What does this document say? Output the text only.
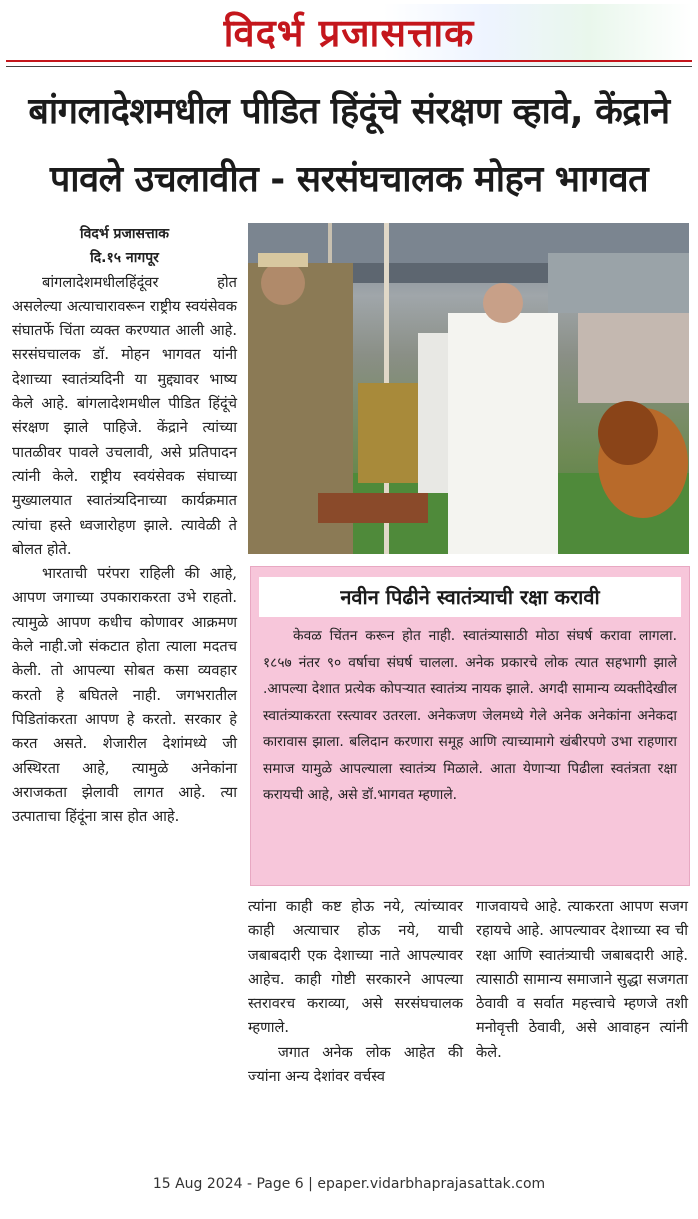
विदर्भ प्रजासत्ताक
बांगलादेशमधील पीडित हिंदूंचे संरक्षण व्हावे, केंद्राने पावले उचलावीत - सरसंघचालक मोहन भागवत
विदर्भ प्रजासत्ताक
दि.१५ नागपूर

बांगलादेशमधीलहिंदूंवर होत असलेल्या अत्याचारावरून राष्ट्रीय स्वयंसेवक संघातर्फे चिंता व्यक्त करण्यात आली आहे. सरसंघचालक डॉ. मोहन भागवत यांनी देशाच्या स्वातंत्र्यदिनी या मुद्द्यावर भाष्य केले आहे. बांगलादेशमधील पीडित हिंदूंचे संरक्षण झाले पाहिजे. केंद्राने त्यांच्या पातळीवर पावले उचलावी, असे प्रतिपादन त्यांनी केले. राष्ट्रीय स्वयंसेवक संघाच्या मुख्यालयात स्वातंत्र्यदिनाच्या कार्यक्रमात त्यांचा हस्ते ध्वजारोहण झाले. त्यावेळी ते बोलत होते.

भारताची परंपरा राहिली की आहे, आपण जगाच्या उपकाराकरता उभे राहतो. त्यामुळे आपण कधीच कोणावर आक्रमण केले नाही.जो संकटात होता त्याला मदतच केली. तो आपल्या सोबत कसा व्यवहार करतो हे बघितले नाही. जगभरातील पिडितांकरता आपण हे करतो. सरकार हे करत असते. शेजारील देशांमध्ये जी अस्थिरता आहे, त्यामुळे अनेकांना अराजकता झेलावी लागत आहे. त्या उत्पाताचा हिंदूंना त्रास होत आहे.

नवीन पिढीने स्वातंत्र्याची रक्षा करावी
केवळ चिंतन करून होत नाही. स्वातंत्र्यासाठी मोठा संघर्ष करावा लागला. १८५७ नंतर ९० वर्षाचा संघर्ष चालला. अनेक प्रकारचे लोक त्यात सहभागी झाले .आपल्या देशात प्रत्येक कोपऱ्यात स्वातंत्र्य नायक झाले. अगदी सामान्य व्यक्तीदेखील स्वातंत्र्याकरता रस्त्यावर उतरला. अनेकजण जेलमध्ये गेले अनेक अनेकांना अनेकदा कारावास झाला. बलिदान करणारा समूह आणि त्याच्यामागे खंबीरपणे उभा राहणारा समाज यामुळे आपल्याला स्वातंत्र्य मिळाले. आता येणाऱ्या पिढीला स्वतंत्रता रक्षा करायची आहे, असे डॉ.भागवत म्हणाले.

त्यांना काही कष्ट होऊ नये, त्यांच्यावर काही अत्याचार होऊ नये, याची जबाबदारी एक देशाच्या नाते आपल्यावर आहेच. काही गोष्टी सरकारने आपल्या स्तरावरच कराव्या, असे सरसंघचालक म्हणाले.

जगात अनेक लोक आहेत की ज्यांना अन्य देशांवर वर्चस्व

गाजवायचे आहे. त्याकरता आपण सजग रहायचे आहे. आपल्यावर देशाच्या स्व ची रक्षा आणि स्वातंत्र्याची जबाबदारी आहे. त्यासाठी सामान्य समाजाने सुद्धा सजगता ठेवावी व सर्वात महत्त्वाचे म्हणजे तशी मनोवृत्ती ठेवावी, असे आवाहन त्यांनी केले.

15 Aug 2024 - Page 6 | epaper.vidarbhaprajasattak.com
